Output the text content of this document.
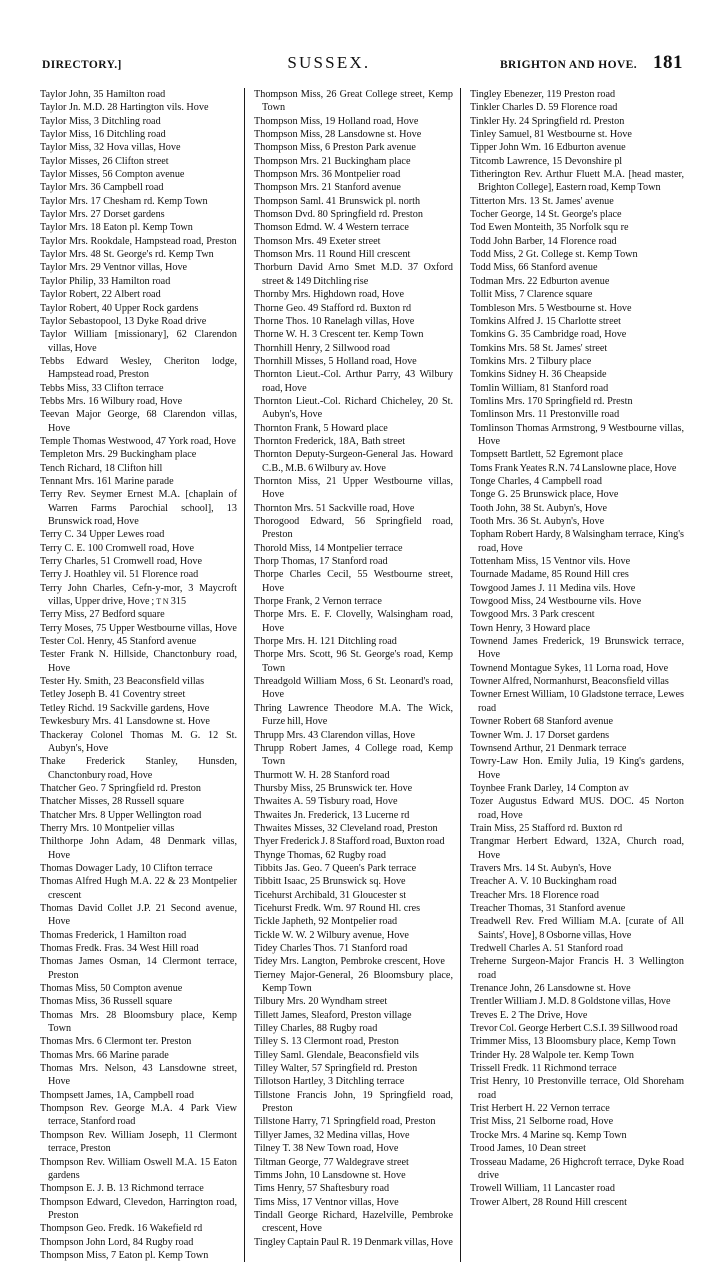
DIRECTORY.]	SUSSEX.	BRIGHTON AND HOVE. 181

Taylor John, 35 Hamilton road

Taylor Jn. M.D. 28 Hartington vils. Hove

Taylor Miss, 3 Ditchling road

Taylor Miss, 16 Ditchling road

Taylor Miss, 32 Hova villas, Hove

Taylor Misses, 26 Clifton street

Taylor Misses, 56 Compton avenue

Taylor Mrs. 36 Campbell road

Taylor Mrs. 17 Chesham rd. Kemp Town

Taylor Mrs. 27 Dorset gardens

Taylor Mrs. 18 Eaton pl. Kemp Town

Taylor Mrs. Rookdale, Hampstead road, Preston

Taylor Mrs. 48 St. George's rd. Kemp Twn

Taylor Mrs. 29 Ventnor villas, Hove

Taylor Philip, 33 Hamilton road

Taylor Robert, 22 Albert road

Taylor Robert, 40 Upper Rock gardens

Taylor Sebastopool, 13 Dyke Road drive

Taylor William [missionary], 62 Clarendon villas, Hove

Tebbs Edward Wesley, Cheriton lodge, Hampstead road, Preston

Tebbs Miss, 33 Clifton terrace

Tebbs Mrs. 16 Wilbury road, Hove

Teevan Major George, 68 Clarendon villas, Hove

Temple Thomas Westwood, 47 York road, Hove

Templeton Mrs. 29 Buckingham place

Tench Richard, 18 Clifton hill

Tennant Mrs. 161 Marine parade

Terry Rev. Seymer Ernest M.A. [chaplain of Warren Farms Parochial school], 13 Brunswick road, Hove

Terry C. 34 Upper Lewes road

Terry C. E. 100 Cromwell road, Hove

Terry Charles, 51 Cromwell road, Hove

Terry J. Hoathley vil. 51 Florence road

Terry John Charles, Cefn-y-mor, 3 Maycroft villas, Upper drive, Hove ; T N 315

Terry Miss, 27 Bedford square

Terry Moses, 75 Upper Westbourne villas, Hove

Tester Col. Henry, 45 Stanford avenue

Tester Frank N. Hillside, Chanctonbury road, Hove

Tester Hy. Smith, 23 Beaconsfield villas

Tetley Joseph B. 41 Coventry street

Tetley Richd. 19 Sackville gardens, Hove

Tewkesbury Mrs. 41 Lansdowne st. Hove

Thackeray Colonel Thomas M. G. 12 St. Aubyn's, Hove

Thake Frederick Stanley, Hunsden, Chanctonbury road, Hove

Thatcher Geo. 7 Springfield rd. Preston

Thatcher Misses, 28 Russell square

Thatcher Mrs. 8 Upper Wellington road

Therry Mrs. 10 Montpelier villas

Thilthorpe John Adam, 48 Denmark villas, Hove

Thomas Dowager Lady, 10 Clifton terrace

Thomas Alfred Hugh M.A. 22 & 23 Montpelier crescent

Thomas David Collet J.P. 21 Second avenue, Hove

Thomas Frederick, 1 Hamilton road

Thomas Fredk. Fras. 34 West Hill road

Thomas James Osman, 14 Clermont terrace, Preston

Thomas Miss, 50 Compton avenue

Thomas Miss, 36 Russell square

Thomas Mrs. 28 Bloomsbury place, Kemp Town

Thomas Mrs. 6 Clermont ter. Preston

Thomas Mrs. 66 Marine parade

Thomas Mrs. Nelson, 43 Lansdowne street, Hove

Thompsett James, 1A, Campbell road

Thompson Rev. George M.A. 4 Park View terrace, Stanford road

Thompson Rev. William Joseph, 11 Clermont terrace, Preston

Thompson Rev. William Oswell M.A. 15 Eaton gardens

Thompson E. J. B. 13 Richmond terrace

Thompson Edward, Clevedon, Harrington road, Preston

Thompson Geo. Fredk. 16 Wakefield rd

Thompson John Lord, 84 Rugby road

Thompson Miss, 7 Eaton pl. Kemp Town

Thompson Miss, 26 Great College street, Kemp Town

Thompson Miss, 19 Holland road, Hove

Thompson Miss, 28 Lansdowne st. Hove

Thompson Miss, 6 Preston Park avenue

Thompson Mrs. 21 Buckingham place

Thompson Mrs. 36 Montpelier road

Thompson Mrs. 21 Stanford avenue

Thompson Saml. 41 Brunswick pl. north

Thomson Dvd. 80 Springfield rd. Preston

Thomson Edmd. W. 4 Western terrace

Thomson Mrs. 49 Exeter street

Thomson Mrs. 11 Round Hill crescent

Thorburn David Arno Smet M.D. 37 Oxford street & 149 Ditchling rise

Thornby Mrs. Highdown road, Hove

Thorne Geo. 49 Stafford rd. Buxton rd

Thorne Thos. 10 Ranelagh villas, Hove

Thorne W. H. 3 Crescent ter. Kemp Town

Thornhill Henry, 2 Sillwood road

Thornhill Misses, 5 Holland road, Hove

Thornton Lieut.-Col. Arthur Parry, 43 Wilbury road, Hove

Thornton Lieut.-Col. Richard Chicheley, 20 St. Aubyn's, Hove

Thornton Frank, 5 Howard place

Thornton Frederick, 18A, Bath street

Thornton Deputy-Surgeon-General Jas. Howard C.B., M.B. 6 Wilbury av. Hove

Thornton Miss, 21 Upper Westbourne villas, Hove

Thornton Mrs. 51 Sackville road, Hove

Thorogood Edward, 56 Springfield road, Preston

Thorold Miss, 14 Montpelier terrace

Thorp Thomas, 17 Stanford road

Thorpe Charles Cecil, 55 Westbourne street, Hove

Thorpe Frank, 2 Vernon terrace

Thorpe Mrs. E. F. Clovelly, Walsingham road, Hove

Thorpe Mrs. H. 121 Ditchling road

Thorpe Mrs. Scott, 96 St. George's road, Kemp Town

Threadgold William Moss, 6 St. Leonard's road, Hove

Thring Lawrence Theodore M.A. The Wick, Furze hill, Hove

Thrupp Mrs. 43 Clarendon villas, Hove

Thrupp Robert James, 4 College road, Kemp Town

Thurmott W. H. 28 Stanford road

Thursby Miss, 25 Brunswick ter. Hove

Thwaites A. 59 Tisbury road, Hove

Thwaites Jn. Frederick, 13 Lucerne rd

Thwaites Misses, 32 Cleveland road, Preston

Thyer Frederick J. 8 Stafford road, Buxton road

Thynge Thomas, 62 Rugby road

Tibbits Jas. Geo. 7 Queen's Park terrace

Tibbitt Isaac, 25 Brunswick sq. Hove

Ticehurst Archibald, 31 Gloucester st

Ticehurst Fredk. Wm. 97 Round Hl. cres

Tickle Japheth, 92 Montpelier road

Tickle W. W. 2 Wilbury avenue, Hove

Tidey Charles Thos. 71 Stanford road

Tidey Mrs. Langton, Pembroke crescent, Hove

Tierney Major-General, 26 Bloomsbury place, Kemp Town

Tilbury Mrs. 20 Wyndham street

Tillett James, Sleaford, Preston village

Tilley Charles, 88 Rugby road

Tilley S. 13 Clermont road, Preston

Tilley Saml. Glendale, Beaconsfield vils

Tilley Walter, 57 Springfield rd. Preston

Tillotson Hartley, 3 Ditchling terrace

Tillstone Francis John, 19 Springfield road, Preston

Tillstone Harry, 71 Springfield road, Preston

Tillyer James, 32 Medina villas, Hove

Tilney T. 38 New Town road, Hove

Tiltman George, 77 Waldegrave street

Timms John, 10 Lansdowne st. Hove

Tims Henry, 57 Shaftesbury road

Tims Miss, 17 Ventnor villas, Hove

Tindall George Richard, Hazelville, Pembroke crescent, Hove

Tingley Captain Paul R. 19 Denmark villas, Hove

Tingley Ebenezer, 119 Preston road

Tinkler Charles D. 59 Florence road

Tinkler Hy. 24 Springfield rd. Preston

Tinley Samuel, 81 Westbourne st. Hove

Tipper John Wm. 16 Edburton avenue

Titcomb Lawrence, 15 Devonshire pl

Titherington Rev. Arthur Fluett M.A. [head master, Brighton College], Eastern road, Kemp Town

Titterton Mrs. 13 St. James' avenue

Tocher George, 14 St. George's place

Tod Ewen Monteith, 35 Norfolk squ re

Todd John Barber, 14 Florence road

Todd Miss, 2 Gt. College st. Kemp Town

Todd Miss, 66 Stanford avenue

Todman Mrs. 22 Edburton avenue

Tollit Miss, 7 Clarence square

Tombleson Mrs. 5 Westbourne st. Hove

Tomkins Alfred J. 15 Charlotte street

Tomkins G. 35 Cambridge road, Hove

Tomkins Mrs. 58 St. James' street

Tomkins Mrs. 2 Tilbury place

Tomkins Sidney H. 36 Cheapside

Tomlin William, 81 Stanford road

Tomlins Mrs. 170 Springfield rd. Prestn

Tomlinson Mrs. 11 Prestonville road

Tomlinson Thomas Armstrong, 9 Westbourne villas, Hove

Tompsett Bartlett, 52 Egremont place

Toms Frank Yeates R.N. 74 Lanslowne place, Hove

Tonge Charles, 4 Campbell road

Tonge G. 25 Brunswick place, Hove

Tooth John, 38 St. Aubyn's, Hove

Tooth Mrs. 36 St. Aubyn's, Hove

Topham Robert Hardy, 8 Walsingham terrace, King's road, Hove

Tottenham Miss, 15 Ventnor vils. Hove

Tournade Madame, 85 Round Hill cres

Towgood James J. 11 Medina vils. Hove

Towgood Miss, 24 Westbourne vils. Hove

Towgood Mrs. 3 Park crescent

Town Henry, 3 Howard place

Townend James Frederick, 19 Brunswick terrace, Hove

Townend Montague Sykes, 11 Lorna road, Hove

Towner Alfred, Normanhurst, Beaconsfield villas

Towner Ernest William, 10 Gladstone terrace, Lewes road

Towner Robert 68 Stanford avenue

Towner Wm. J. 17 Dorset gardens

Townsend Arthur, 21 Denmark terrace

Towry-Law Hon. Emily Julia, 19 King's gardens, Hove

Toynbee Frank Darley, 14 Compton av

Tozer Augustus Edward MUS. DOC. 45 Norton road, Hove

Train Miss, 25 Stafford rd. Buxton rd

Trangmar Herbert Edward, 132A, Church road, Hove

Travers Mrs. 14 St. Aubyn's, Hove

Treacher A. V. 10 Buckingham road

Treacher Mrs. 18 Florence road

Treacher Thomas, 31 Stanford avenue

Treadwell Rev. Fred William M.A. [curate of All Saints', Hove], 8 Osborne villas, Hove

Tredwell Charles A. 51 Stanford road

Treherne Surgeon-Major Francis H. 3 Wellington road

Trenance John, 26 Lansdowne st. Hove

Trentler William J. M.D. 8 Goldstone villas, Hove

Treves E. 2 The Drive, Hove

Trevor Col. George Herbert C.S.I. 39 Sillwood road

Trimmer Miss, 13 Bloomsbury place, Kemp Town

Trinder Hy. 28 Walpole ter. Kemp Town

Trissell Fredk. 11 Richmond terrace

Trist Henry, 10 Prestonville terrace, Old Shoreham road

Trist Herbert H. 22 Vernon terrace

Trist Miss, 21 Selborne road, Hove

Trocke Mrs. 4 Marine sq. Kemp Town

Trood James, 10 Dean street

Trosseau Madame, 26 Highcroft terrace, Dyke Road drive

Trowell William, 11 Lancaster road

Trower Albert, 28 Round Hill crescent
